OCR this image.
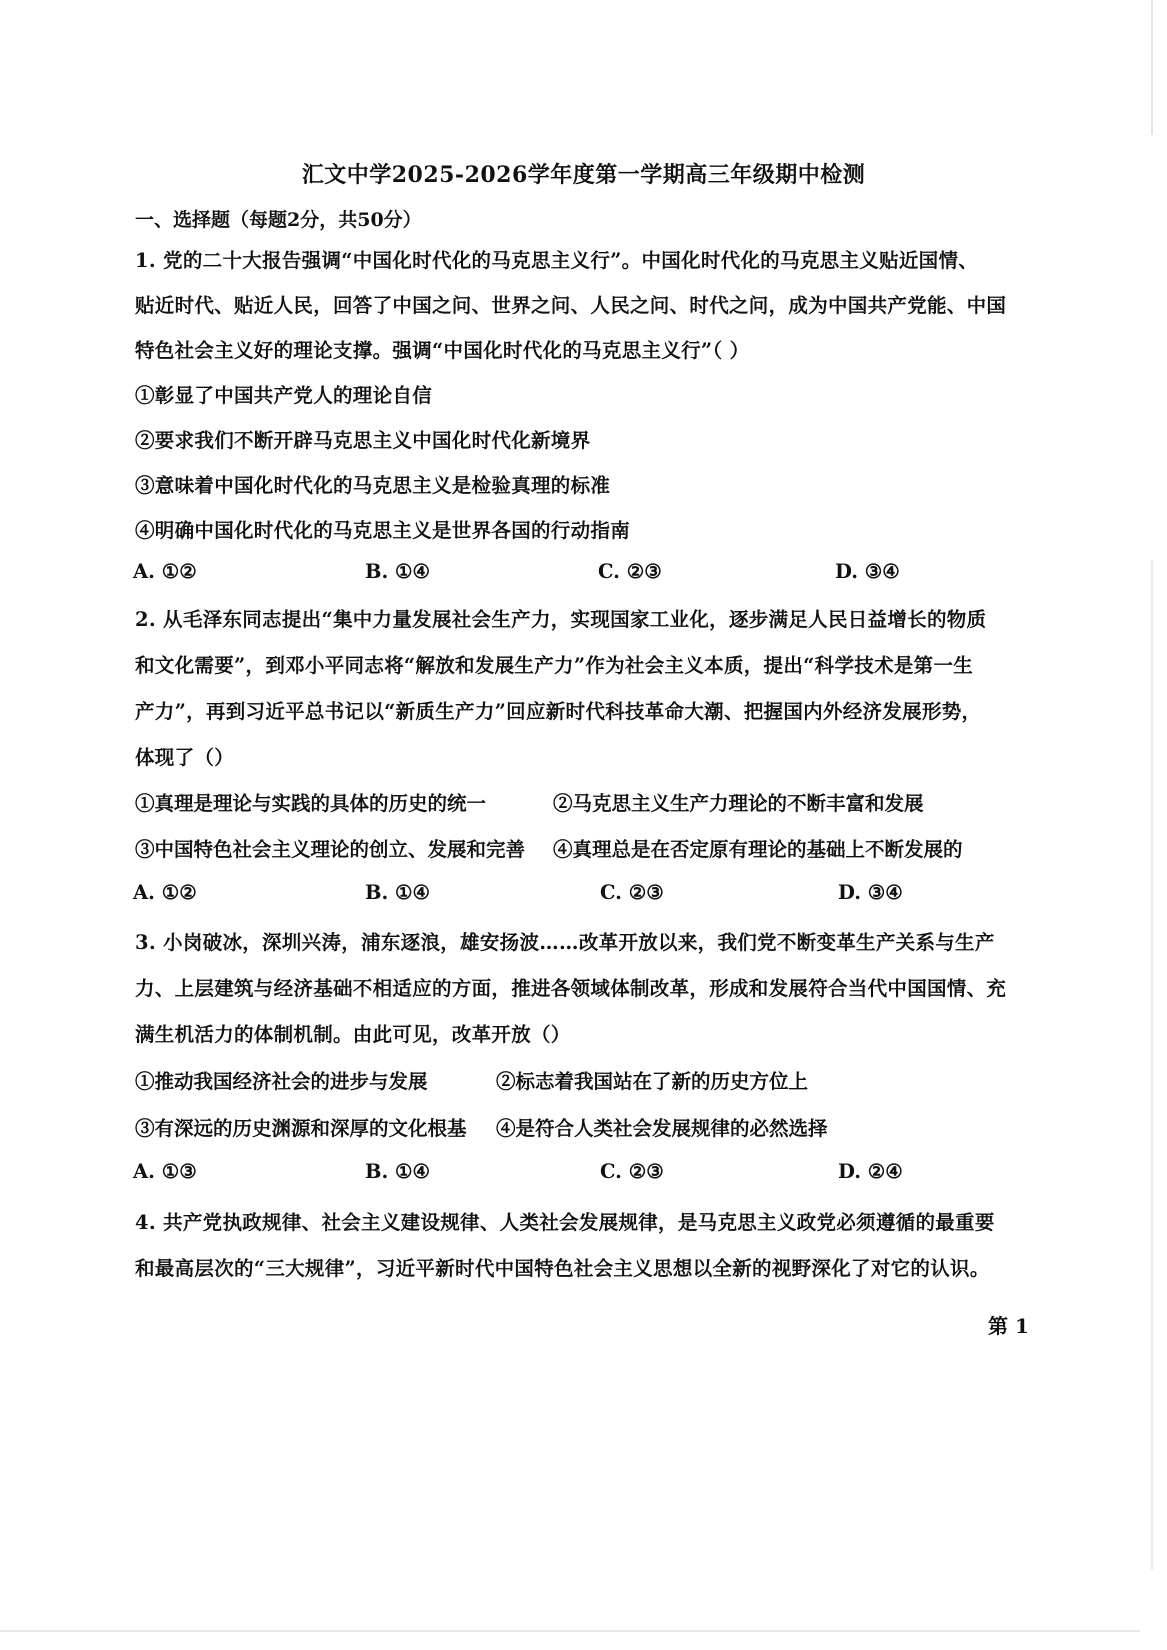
汇文中学2025-2026学年度第一学期高三年级期中检测
一、选择题（每题2分，共50分）
1. 党的二十大报告强调“中国化时代化的马克思主义行”。中国化时代化的马克思主义贴近国情、
贴近时代、贴近人民，回答了中国之问、世界之问、人民之问、时代之问，成为中国共产党能、中国
特色社会主义好的理论支撑。强调“中国化时代化的马克思主义行”（ ）
①彰显了中国共产党人的理论自信
②要求我们不断开辟马克思主义中国化时代化新境界
③意味着中国化时代化的马克思主义是检验真理的标准
④明确中国化时代化的马克思主义是世界各国的行动指南
A. ①②	B. ①④	C. ②③	D. ③④
2. 从毛泽东同志提出“集中力量发展社会生产力，实现国家工业化，逐步满足人民日益增长的物质
和文化需要”，到邓小平同志将“解放和发展生产力”作为社会主义本质，提出“科学技术是第一生
产力”，再到习近平总书记以“新质生产力”回应新时代科技革命大潮、把握国内外经济发展形势，
体现了（）
①真理是理论与实践的具体的历史的统一	②马克思主义生产力理论的不断丰富和发展
③中国特色社会主义理论的创立、发展和完善 ④真理总是在否定原有理论的基础上不断发展的
A. ①②	B. ①④	C. ②③	D. ③④
3. 小岗破冰，深圳兴涛，浦东逐浪，雄安扬波……改革开放以来，我们党不断变革生产关系与生产
力、上层建筑与经济基础不相适应的方面，推进各领域体制改革，形成和发展符合当代中国国情、充
满生机活力的体制机制。由此可见，改革开放（）
①推动我国经济社会的进步与发展	②标志着我国站在了新的历史方位上
③有深远的历史渊源和深厚的文化根基 ④是符合人类社会发展规律的必然选择
A. ①③	B. ①④	C. ②③	D. ②④
4. 共产党执政规律、社会主义建设规律、人类社会发展规律，是马克思主义政党必须遵循的最重要
和最高层次的“三大规律”，习近平新时代中国特色社会主义思想以全新的视野深化了对它的认识。
第 1
